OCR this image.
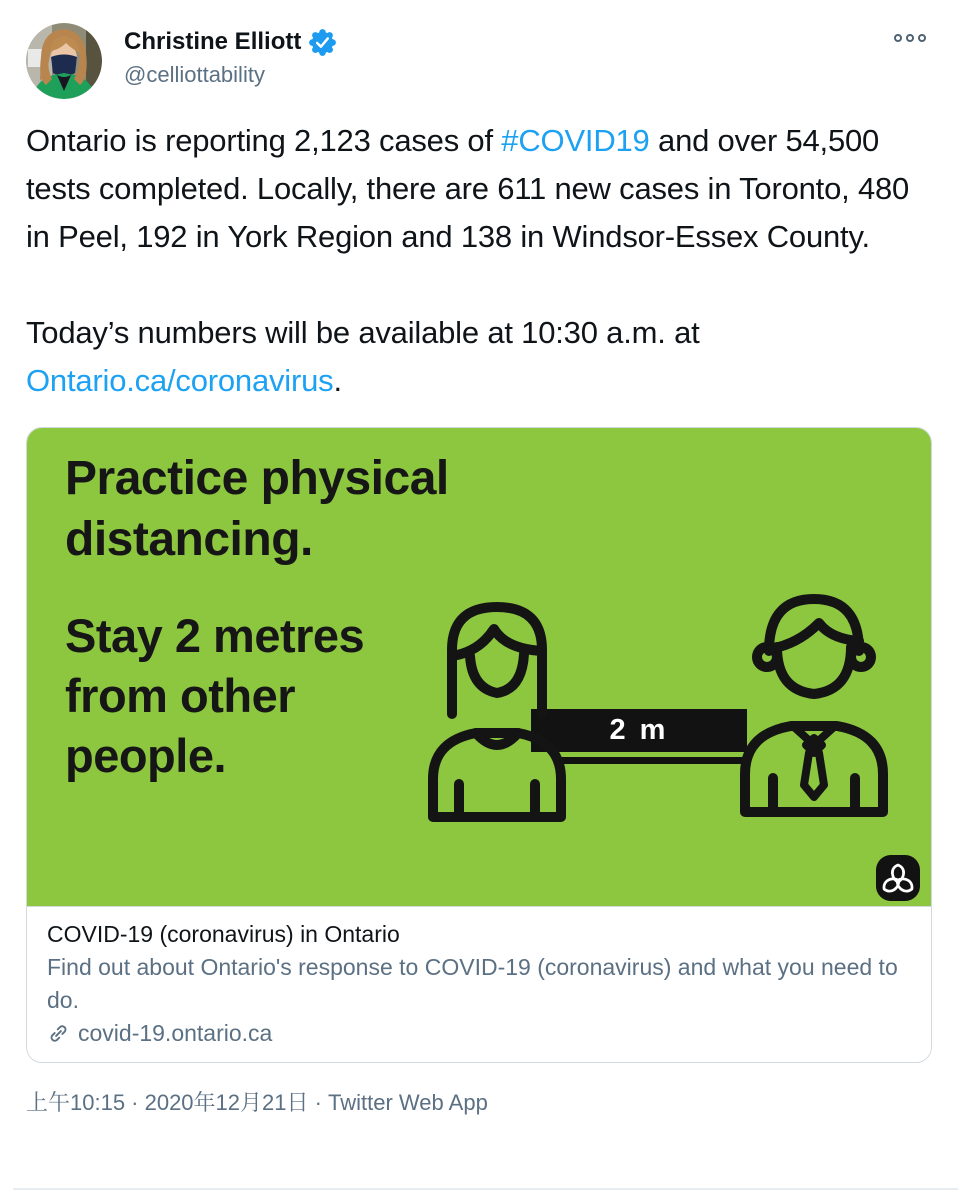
Christine Elliott
@celliottability

Ontario is reporting 2,123 cases of #COVID19 and over 54,500 tests completed. Locally, there are 611 new cases in Toronto, 480 in Peel, 192 in York Region and 138 in Windsor-Essex County.

Today’s numbers will be available at 10:30 a.m. at Ontario.ca/coronavirus.

Practice physical distancing.
Stay 2 metres from other people.	2 m
COVID-19 (coronavirus) in Ontario
Find out about Ontario's response to COVID-19 (coronavirus) and what you need to do.
covid-19.ontario.ca
上午10:15 · 2020年12月21日 · Twitter Web App
